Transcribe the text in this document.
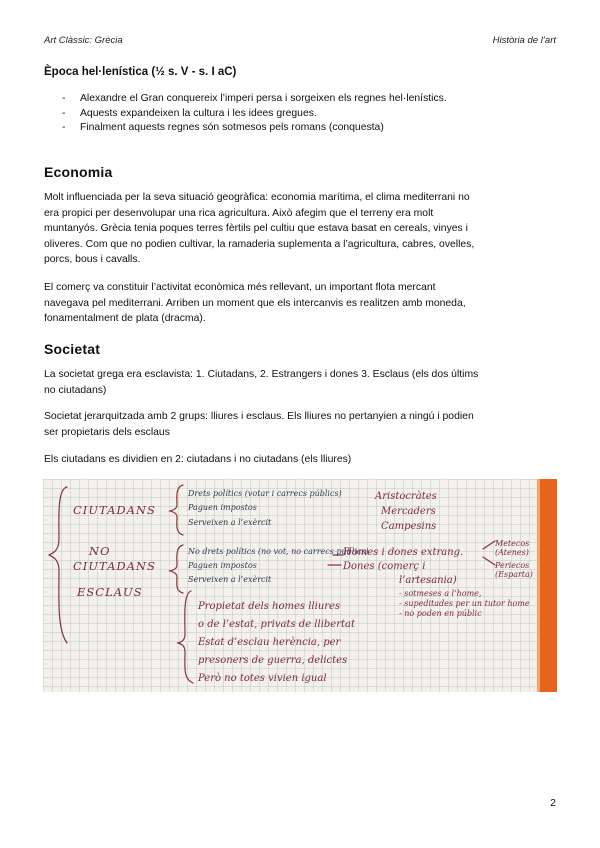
Art Clàssic: Grècia	Història de l’art
Època hel·lenística (½ s. V - s. I aC)
- Alexandre el Gran conquereix l’imperi persa i sorgeixen els regnes hel·lenístics.
- Aquests expandeixen la cultura i les idees gregues.
- Finalment aquests regnes són sotmesos pels romans (conquesta)
Economia
Molt influenciada per la seva situació geogràfica: economia marítima, el clima mediterrani no
era propici per desenvolupar una rica agricultura. Això afegim que el terreny era molt
muntanyós. Grècia tenia poques terres fèrtils pel cultiu que estava basat en cereals, vinyes i
oliveres. Com que no podien cultivar, la ramaderia suplementa a l’agricultura, cabres, ovelles,
porcs, bous i cavalls.
El comerç va constituir l’activitat econòmica més rellevant, un important flota mercant
navegava pel mediterrani. Arriben un moment que els intercanvis es realitzen amb moneda,
fonamentalment de plata (dracma).
Societat
La societat grega era esclavista: 1. Ciutadans, 2. Estrangers i dones 3. Esclaus (els dos últims
no ciutadans)
Societat jerarquitzada amb 2 grups: lliures i esclaus. Els lliures no pertanyien a ningú i podien
ser propietaris dels esclaus
Els ciutadans es dividien en 2: ciutadans i no ciutadans (els lliures)
CIUTADANS
Drets polítics (votar i carrecs públics)
Paguen impostos
Serveixen a l’exèrcit
Aristocràtes
Mercaders
Campesins
NO
CIUTADANS
No drets polítics (no vot, no carrecs públics)
Paguen impostos
Serveixen a l’exèrcit
Homes i dones extrang.
Dones (comerç i
l’artesania)
Metecos (Atenes)
Periecos (Esparta)
- sotmeses a l’home,
- supeditades per un tutor home
- no poden en públic
ESCLAUS
Propietat dels homes lliures
o de l’estat, privats de llibertat
Estat d’esclau herència, per
presoners de guerra, delictes
Però no totes vivien igual
2
